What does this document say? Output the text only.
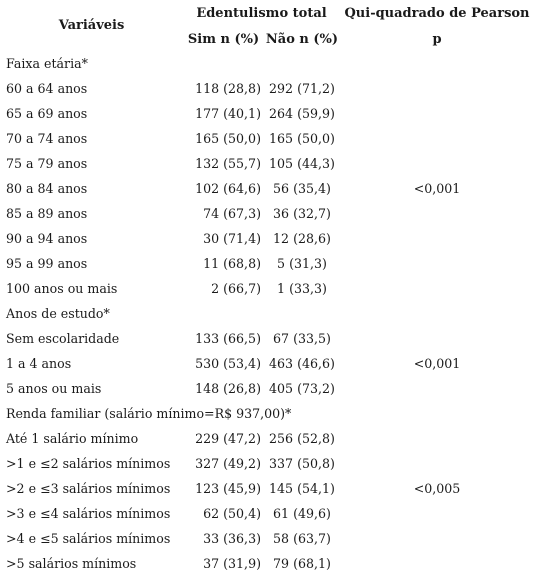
Variáveis	Edentulismo total		Qui-quadrado de Pearson
	Sim n (%)	Não n (%)	p
Faixa etária*			
60 a 64 anos	118 (28,8)	292 (71,2)	
65 a 69 anos	177 (40,1)	264 (59,9)	
70 a 74 anos	165 (50,0)	165 (50,0)	
75 a 79 anos	132 (55,7)	105 (44,3)	
80 a 84 anos	102 (64,6)	56 (35,4)	<0,001
85 a 89 anos	74 (67,3)	36 (32,7)	
90 a 94 anos	30 (71,4)	12 (28,6)	
95 a 99 anos	11 (68,8)	5 (31,3)	
100 anos ou mais	2 (66,7)	1 (33,3)	
Anos de estudo*			
Sem escolaridade	133 (66,5)	67 (33,5)	
1 a 4 anos	530 (53,4)	463 (46,6)	<0,001
5 anos ou mais	148 (26,8)	405 (73,2)	
Renda familiar (salário mínimo=R$ 937,00)*			
Até 1 salário mínimo	229 (47,2)	256 (52,8)	
>1 e ≤2 salários mínimos	327 (49,2)	337 (50,8)	
>2 e ≤3 salários mínimos	123 (45,9)	145 (54,1)	<0,005
>3 e ≤4 salários mínimos	62 (50,4)	61 (49,6)	
>4 e ≤5 salários mínimos	33 (36,3)	58 (63,7)	
>5 salários mínimos	37 (31,9)	79 (68,1)	
